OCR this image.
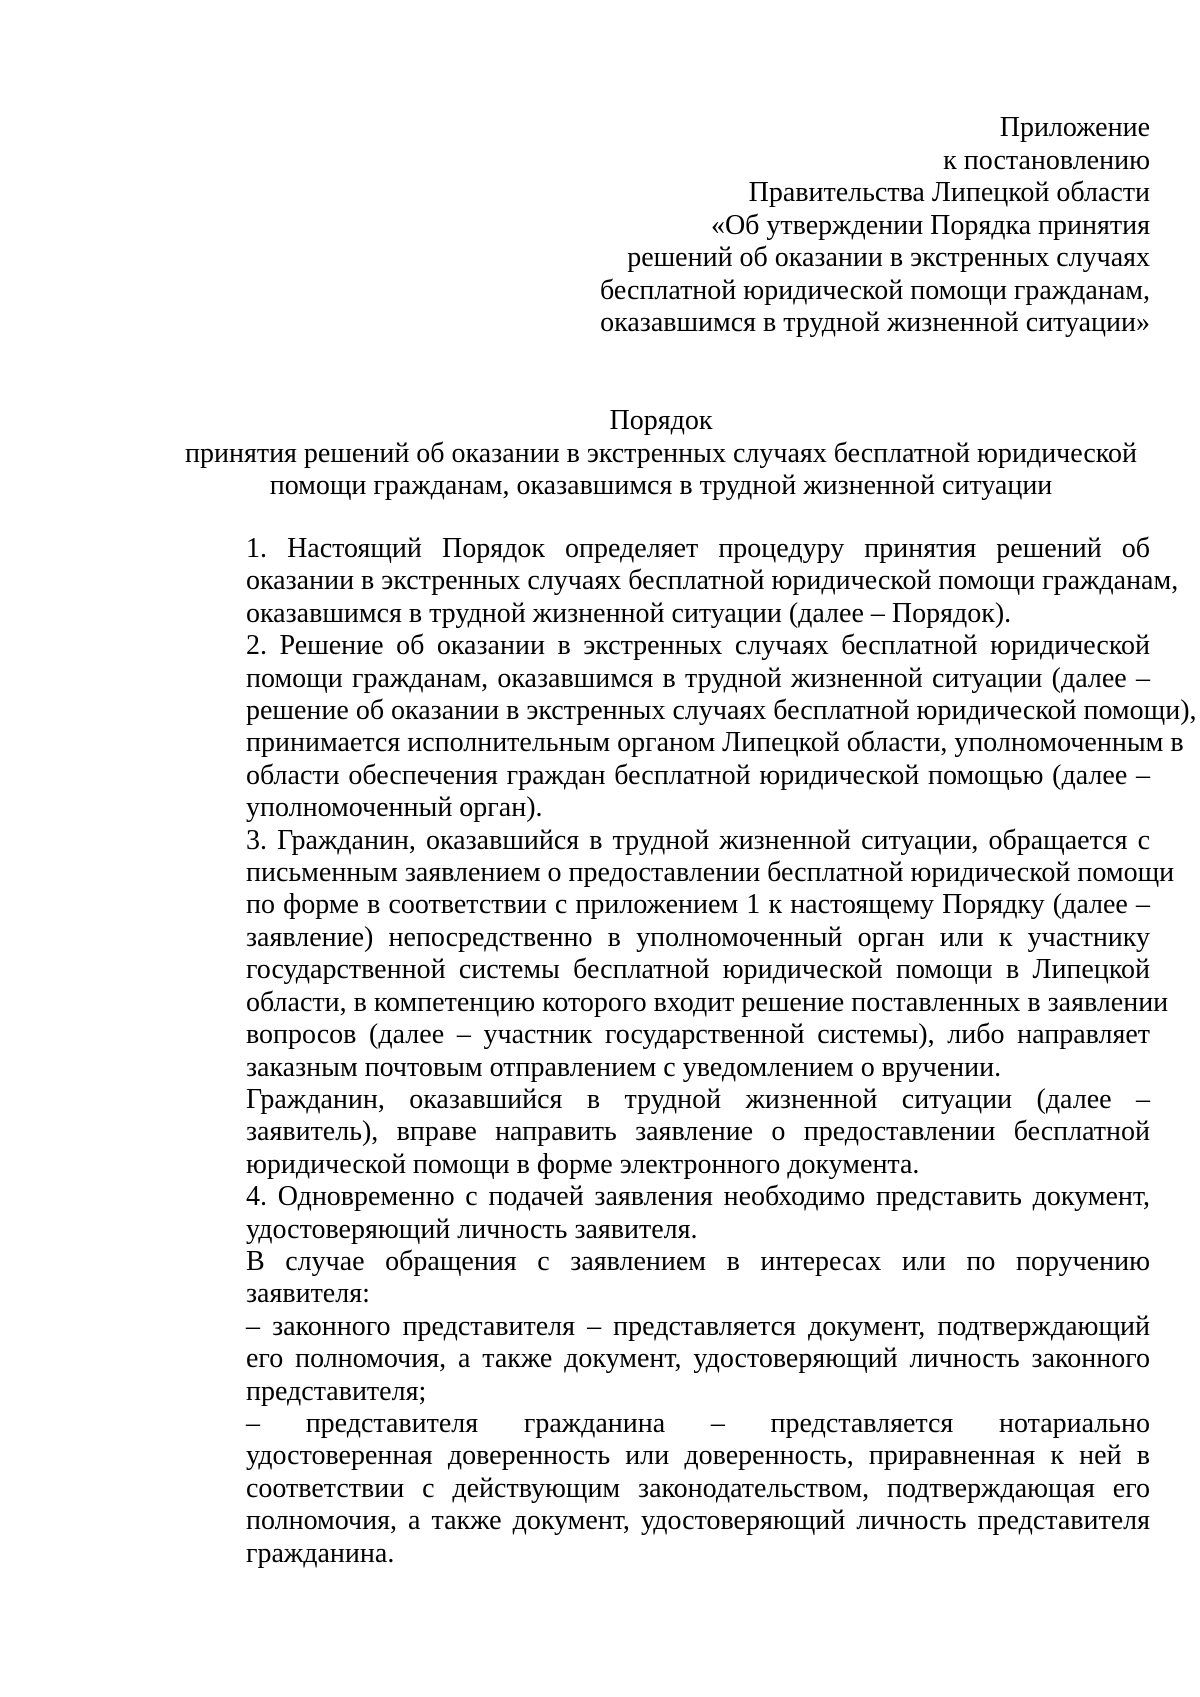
Приложение
к постановлению
Правительства Липецкой области
«Об утверждении Порядка принятия
решений об оказании в экстренных случаях
бесплатной юридической помощи гражданам,
оказавшимся в трудной жизненной ситуации»
Порядок
принятия решений об оказании в экстренных случаях бесплатной юридической
помощи гражданам, оказавшимся в трудной жизненной ситуации

1. Настоящий Порядок определяет процедуру принятия решений об
оказании в экстренных случаях бесплатной юридической помощи гражданам,
оказавшимся в трудной жизненной ситуации (далее – Порядок).

2. Решение об оказании в экстренных случаях бесплатной юридической
помощи гражданам, оказавшимся в трудной жизненной ситуации (далее –
решение об оказании в экстренных случаях бесплатной юридической помощи),
принимается исполнительным органом Липецкой области, уполномоченным в
области обеспечения граждан бесплатной юридической помощью (далее –
уполномоченный орган).

3. Гражданин, оказавшийся в трудной жизненной ситуации, обращается с
письменным заявлением о предоставлении бесплатной юридической помощи
по форме в соответствии с приложением 1 к настоящему Порядку (далее –
заявление) непосредственно в уполномоченный орган или к участнику
государственной системы бесплатной юридической помощи в Липецкой
области, в компетенцию которого входит решение поставленных в заявлении
вопросов (далее – участник государственной системы), либо направляет
заказным почтовым отправлением с уведомлением о вручении.

Гражданин, оказавшийся в трудной жизненной ситуации (далее –
заявитель), вправе направить заявление о предоставлении бесплатной
юридической помощи в форме электронного документа.

4. Одновременно с подачей заявления необходимо представить документ,
удостоверяющий личность заявителя.

В случае обращения с заявлением в интересах или по поручению
заявителя:

– законного представителя – представляется документ, подтверждающий
его полномочия, а также документ, удостоверяющий личность законного
представителя;

– представителя гражданина – представляется нотариально
удостоверенная доверенность или доверенность, приравненная к ней в
соответствии с действующим законодательством, подтверждающая его
полномочия, а также документ, удостоверяющий личность представителя
гражданина.
